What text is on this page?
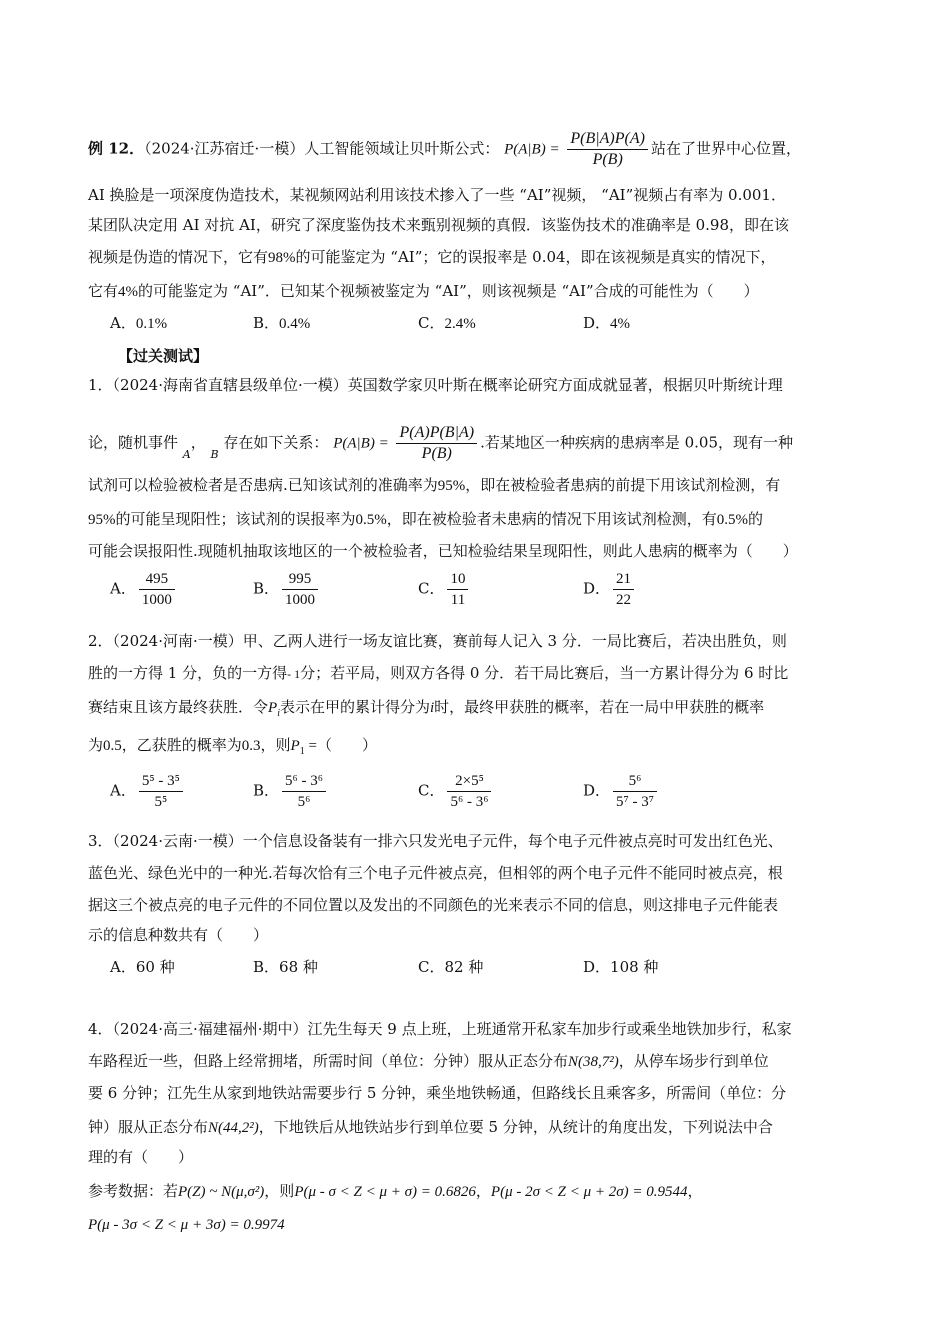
例 12．（2024·江苏宿迁·一模）人工智能领域让贝叶斯公式： $P(A|B) = \frac{P(B|A)P(A)}{P(B)}$ 站在了世界中心位置，
AI 换脸是一项深度伪造技术，某视频网站利用该技术掺入了一些 “AI”视频， “AI”视频占有率为 0.001．
某团队决定用 AI 对抗 AI，研究了深度鉴伪技术来甄别视频的真假．该鉴伪技术的准确率是 0.98，即在该
视频是伪造的情况下，它有98%的可能鉴定为 “AI”；它的误报率是 0.04，即在该视频是真实的情况下，
它有4%的可能鉴定为 “AI”．已知某个视频被鉴定为 “AI”，则该视频是 “AI”合成的可能性为（　　）
A．0.1%	B．0.4%	C．2.4%	D．4%
【过关测试】
1．（2024·海南省直辖县级单位·一模）英国数学家贝叶斯在概率论研究方面成就显著，根据贝叶斯统计理
论，随机事件 $_A$， $_B$ 存在如下关系： $P(A|B) = \frac{P(A)P(B|A)}{P(B)}$ .若某地区一种疾病的患病率是 0.05，现有一种
试剂可以检验被检者是否患病.已知该试剂的准确率为95%，即在被检验者患病的前提下用该试剂检测，有
95%的可能呈现阳性；该试剂的误报率为0.5%，即在被检验者未患病的情况下用该试剂检测，有0.5%的
可能会误报阳性.现随机抽取该地区的一个被检验者，已知检验结果呈现阳性，则此人患病的概率为（　　）
A． $\frac{495}{1000}$	B． $\frac{995}{1000}$	C． $\frac{10}{11}$	D． $\frac{21}{22}$
2．（2024·河南·一模）甲、乙两人进行一场友谊比赛，赛前每人记入 3 分．一局比赛后，若决出胜负，则
胜的一方得 1 分，负的一方得- 1分；若平局，则双方各得 0 分．若干局比赛后，当一方累计得分为 6 时比
赛结束且该方最终获胜．令$P_i$表示在甲的累计得分为i时，最终甲获胜的概率，若在一局中甲获胜的概率
为0.5，乙获胜的概率为0.3，则$P_1$ =（　　）
A． $\frac{\text{5⁵ - 3⁵}}{\text{5⁵}}$	B． $\frac{\text{5⁶ - 3⁶}}{\text{5⁶}}$	C． $\frac{\text{2×5⁵}}{\text{5⁶ - 3⁶}}$	D． $\frac{\text{5⁶}}{\text{5⁷ - 3⁷}}$
3．（2024·云南·一模）一个信息设备装有一排六只发光电子元件，每个电子元件被点亮时可发出红色光、
蓝色光、绿色光中的一种光.若每次恰有三个电子元件被点亮，但相邻的两个电子元件不能同时被点亮，根
据这三个被点亮的电子元件的不同位置以及发出的不同颜色的光来表示不同的信息，则这排电子元件能表
示的信息种数共有（　　）
A．60 种	B．68 种	C．82 种	D．108 种
4．（2024·高三·福建福州·期中）江先生每天 9 点上班，上班通常开私家车加步行或乘坐地铁加步行，私家
车路程近一些，但路上经常拥堵，所需时间（单位：分钟）服从正态分布N(38,7²)，从停车场步行到单位
要 6 分钟；江先生从家到地铁站需要步行 5 分钟，乘坐地铁畅通，但路线长且乘客多，所需间（单位：分
钟）服从正态分布N(44,2²)，下地铁后从地铁站步行到单位要 5 分钟，从统计的角度出发，下列说法中合
理的有（　　）
参考数据：若P(Z) ~ N(μ,σ²)，则P(μ - σ < Z < μ + σ) = 0.6826，P(μ - 2σ < Z < μ + 2σ) = 0.9544，
P(μ - 3σ < Z < μ + 3σ) = 0.9974
